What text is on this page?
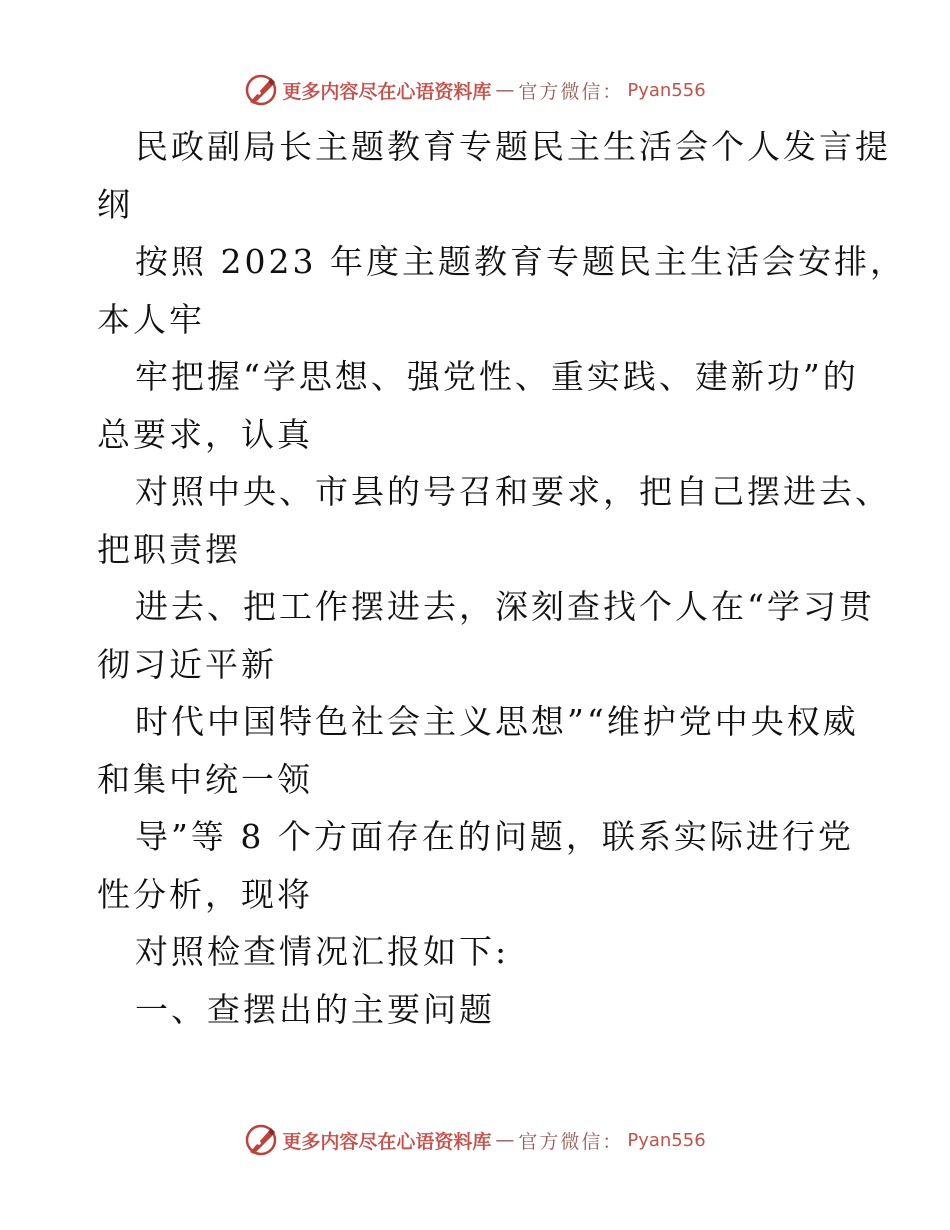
更多内容尽在心语资料库 — 官方微信： Pyan556
民政副局长主题教育专题民主生活会个人发言提
纲
按照 2023 年度主题教育专题民主生活会安排，
本人牢
牢把握“学思想、强党性、重实践、建新功”的
总要求，认真
对照中央、市县的号召和要求，把自己摆进去、
把职责摆
进去、把工作摆进去，深刻查找个人在“学习贯
彻习近平新
时代中国特色社会主义思想”“维护党中央权威
和集中统一领
导”等 8 个方面存在的问题，联系实际进行党
性分析，现将
对照检查情况汇报如下:
一、查摆出的主要问题
更多内容尽在心语资料库 — 官方微信： Pyan556
